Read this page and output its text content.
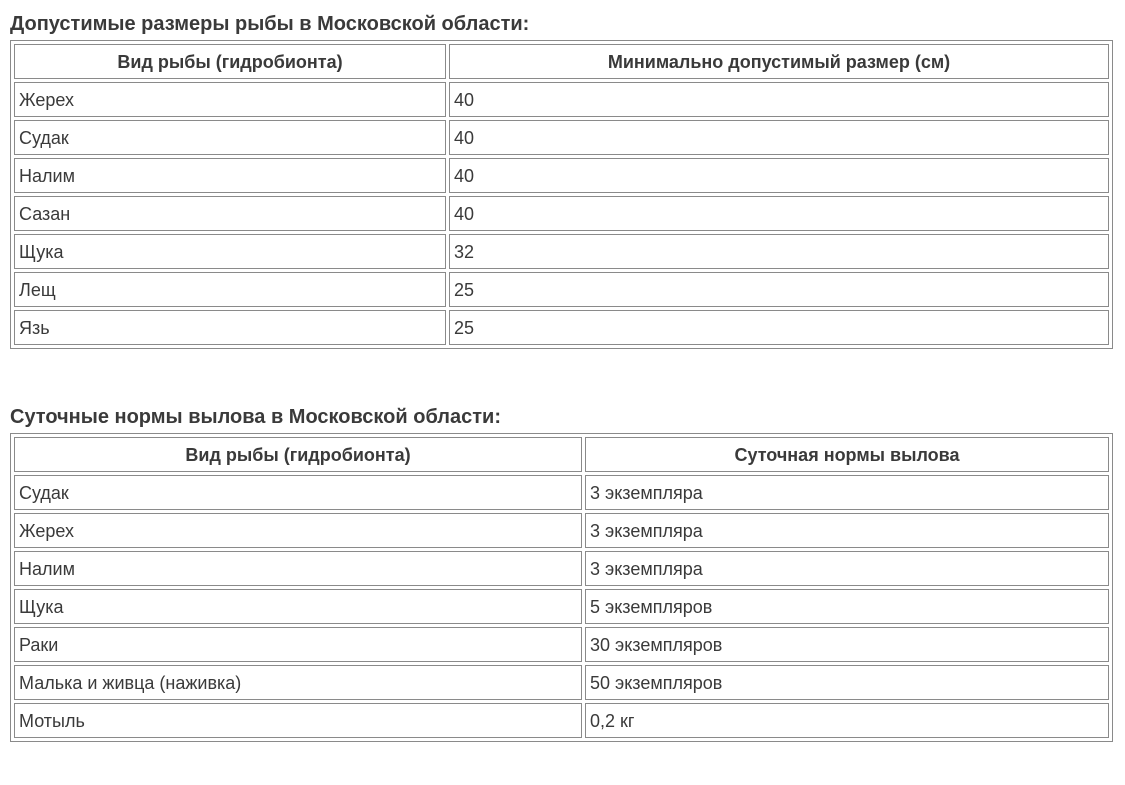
Допустимые размеры рыбы в Московской области:
Вид рыбы (гидробионта)	Минимально допустимый размер (см)
Жерех	40
Судак	40
Налим	40
Сазан	40
Щука	32
Лещ	25
Язь	25
Суточные нормы вылова в Московской области:
Вид рыбы (гидробионта)	Суточная нормы вылова
Судак	3 экземпляра
Жерех	3 экземпляра
Налим	3 экземпляра
Щука	5 экземпляров
Раки	30 экземпляров
Малька и живца (наживка)	50 экземпляров
Мотыль	0,2 кг
